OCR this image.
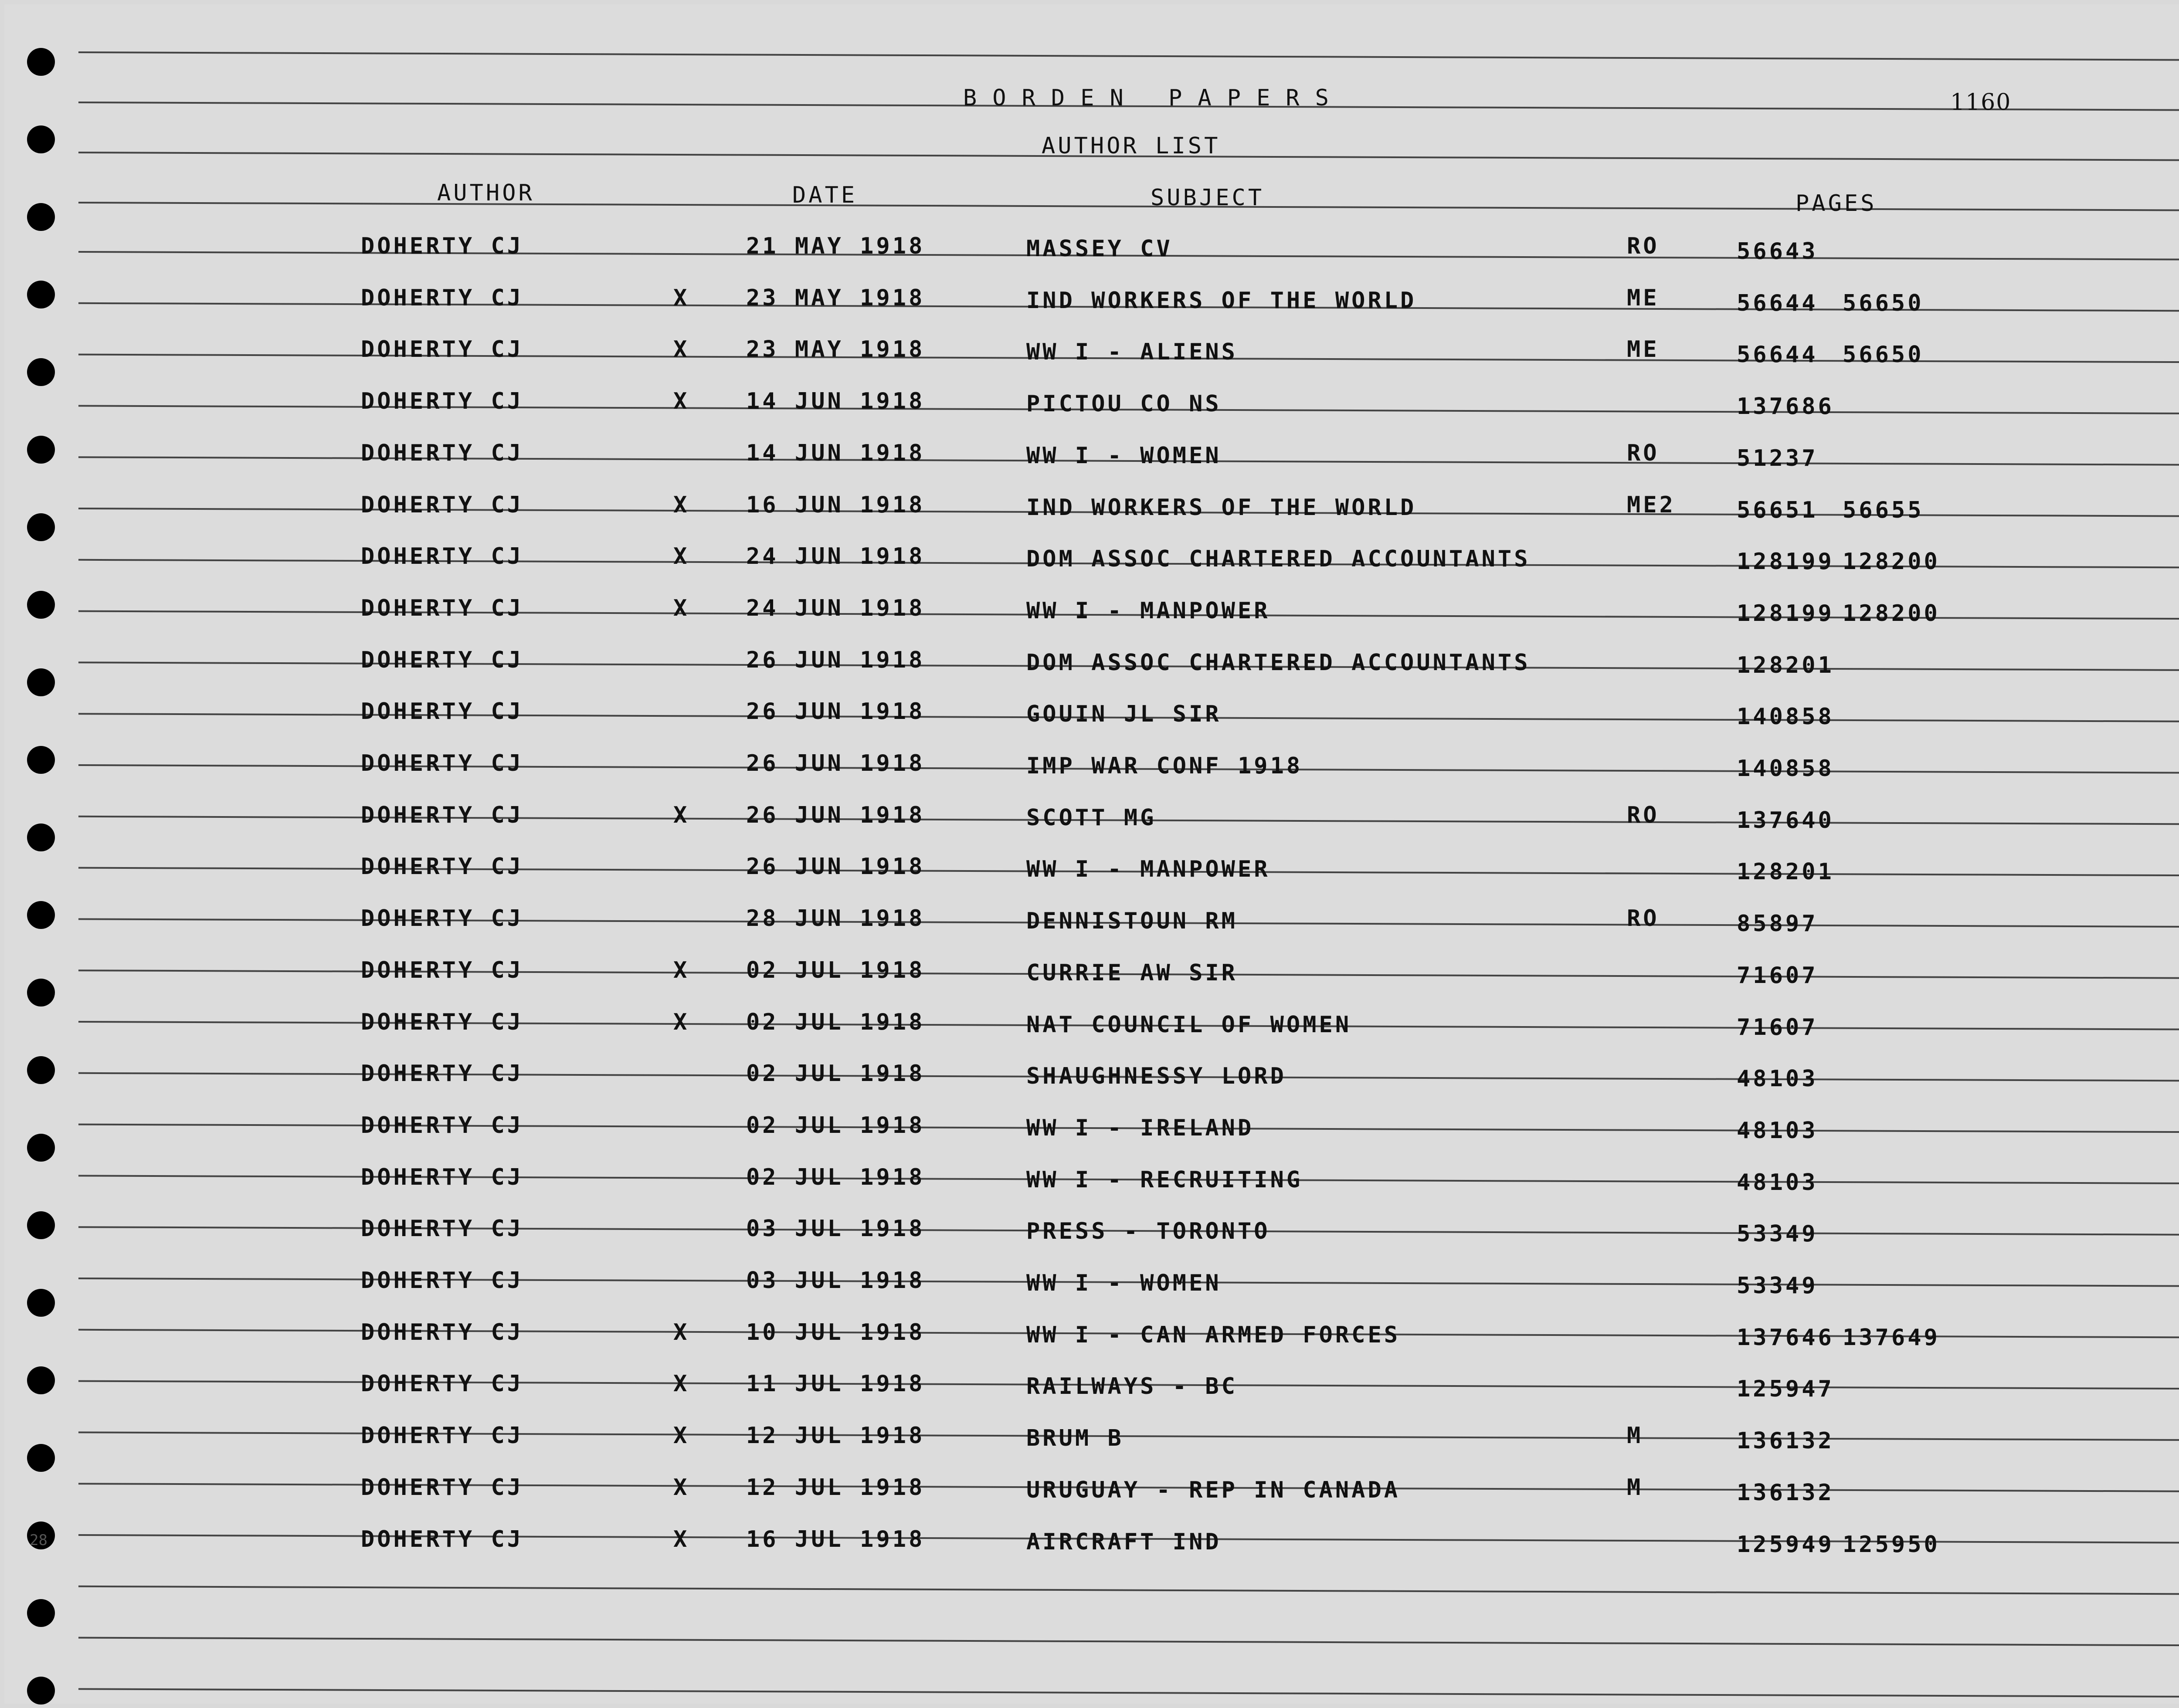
BORDEN PAPERS	1160
AUTHOR LIST
AUTHOR	DATE	SUBJECT	PAGES
DOHERTY CJ	21 MAY 1918	MASSEY CV	RO	56643
DOHERTY CJ	X 23 MAY 1918	IND WORKERS OF THE WORLD	ME	56644 56650
DOHERTY CJ	X 23 MAY 1918	WW I - ALIENS	ME	56644 56650
DOHERTY CJ	X 14 JUN 1918	PICTOU CO NS	137686
DOHERTY CJ	14 JUN 1918	WW I - WOMEN	RO	51237
DOHERTY CJ	X 16 JUN 1918	IND WORKERS OF THE WORLD	ME2	56651 56655
DOHERTY CJ	X 24 JUN 1918	DOM ASSOC CHARTERED ACCOUNTANTS	128199 128200
DOHERTY CJ	X 24 JUN 1918	WW I - MANPOWER	128199 128200
DOHERTY CJ	26 JUN 1918	DOM ASSOC CHARTERED ACCOUNTANTS	128201
DOHERTY CJ	26 JUN 1918	GOUIN JL SIR	140858
DOHERTY CJ	26 JUN 1918	IMP WAR CONF 1918	140858
DOHERTY CJ	X 26 JUN 1918	SCOTT MG	RO	137640
DOHERTY CJ	26 JUN 1918	WW I - MANPOWER	128201
DOHERTY CJ	28 JUN 1918	DENNISTOUN RM	RO	85897
DOHERTY CJ	X 02 JUL 1918	CURRIE AW SIR	71607
DOHERTY CJ	X 02 JUL 1918	NAT COUNCIL OF WOMEN	71607
DOHERTY CJ	02 JUL 1918	SHAUGHNESSY LORD	48103
DOHERTY CJ	02 JUL 1918	WW I - IRELAND	48103
DOHERTY CJ	02 JUL 1918	WW I - RECRUITING	48103
DOHERTY CJ	03 JUL 1918	PRESS - TORONTO	53349
DOHERTY CJ	03 JUL 1918	WW I - WOMEN	53349
DOHERTY CJ	X 10 JUL 1918	WW I - CAN ARMED FORCES	137646 137649
DOHERTY CJ	X 11 JUL 1918	RAILWAYS - BC	125947
DOHERTY CJ	X 12 JUL 1918	BRUM B	M	136132
DOHERTY CJ	X 12 JUL 1918	URUGUAY - REP IN CANADA	M	136132
DOHERTY CJ	X 16 JUL 1918	AIRCRAFT IND	125949 125950
28
